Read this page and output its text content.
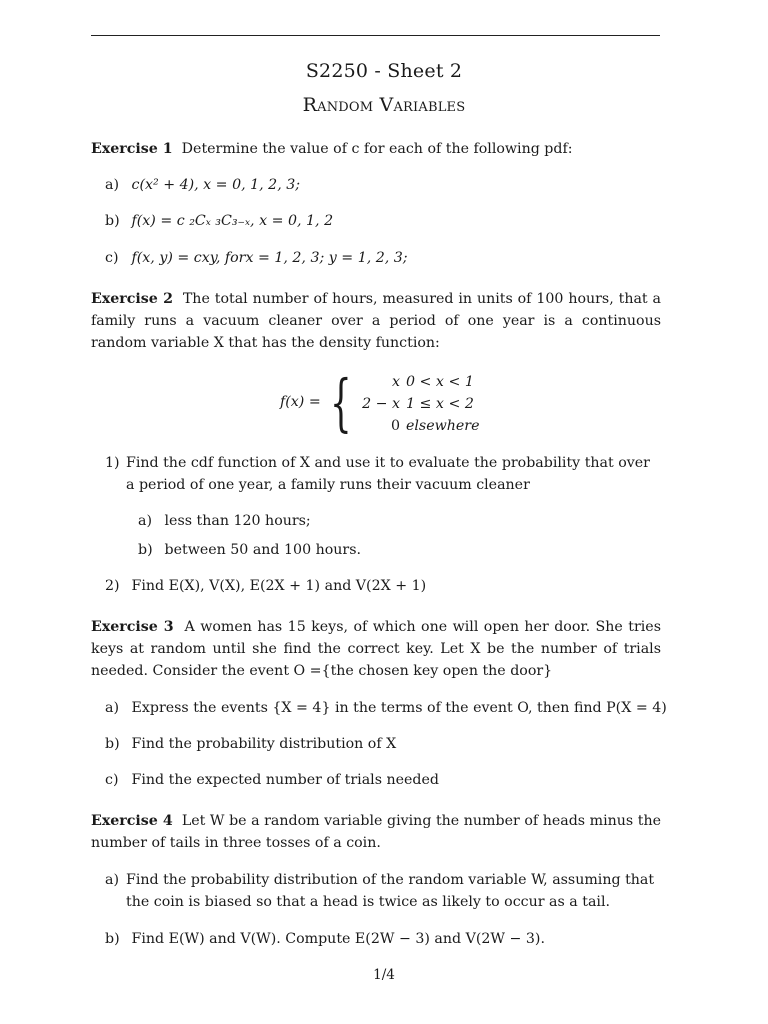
S2250 - Sheet 2
Random Variables
Exercise 1 Determine the value of c for each of the following pdf:
a) c(x² + 4), x = 0, 1, 2, 3;
b) f(x) = c ₂Cₓ ₃C₃₋ₓ, x = 0, 1, 2
c) f(x, y) = cxy, forx = 1, 2, 3; y = 1, 2, 3;
Exercise 2 The total number of hours, measured in units of 100 hours, that a family runs a vacuum cleaner over a period of one year is a continuous random variable X that has the density function:
f(x) = {	x 0 < x < 1
2 − x 1 ≤ x < 2
0 elsewhere
1) Find the cdf function of X and use it to evaluate the probability that over a period of one year, a family runs their vacuum cleaner
a) less than 120 hours;
b) between 50 and 100 hours.
2) Find E(X), V(X), E(2X + 1) and V(2X + 1)
Exercise 3 A women has 15 keys, of which one will open her door. She tries keys at random until she find the correct key. Let X be the number of trials needed. Consider the event O ={the chosen key open the door}
a) Express the events {X = 4} in the terms of the event O, then find P(X = 4)
b) Find the probability distribution of X
c) Find the expected number of trials needed
Exercise 4 Let W be a random variable giving the number of heads minus the number of tails in three tosses of a coin.
a) Find the probability distribution of the random variable W, assuming that the coin is biased so that a head is twice as likely to occur as a tail.
b) Find E(W) and V(W). Compute E(2W − 3) and V(2W − 3).
1/4
